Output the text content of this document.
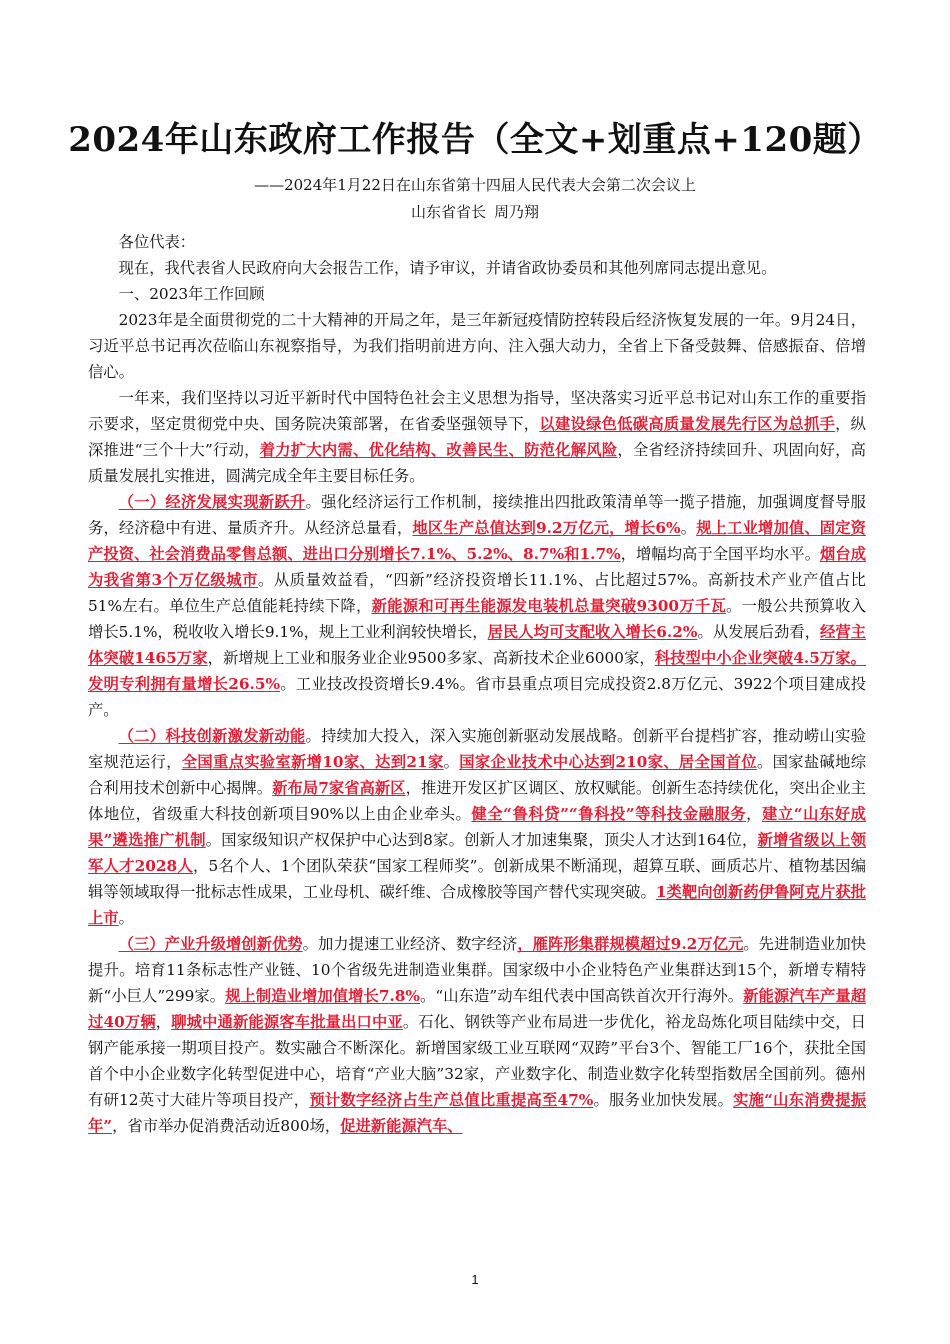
2024年山东政府工作报告（全文+划重点+120题）
——2024年1月22日在山东省第十四届人民代表大会第二次会议上
山东省省长 周乃翔

各位代表：

现在，我代表省人民政府向大会报告工作，请予审议，并请省政协委员和其他列席同志提出意见。

一、2023年工作回顾

2023年是全面贯彻党的二十大精神的开局之年，是三年新冠疫情防控转段后经济恢复发展的一年。9月24日，习近平总书记再次莅临山东视察指导，为我们指明前进方向、注入强大动力，全省上下备受鼓舞、倍感振奋、倍增信心。

一年来，我们坚持以习近平新时代中国特色社会主义思想为指导，坚决落实习近平总书记对山东工作的重要指示要求，坚定贯彻党中央、国务院决策部署，在省委坚强领导下，以建设绿色低碳高质量发展先行区为总抓手，纵深推进“三个十大”行动，着力扩大内需、优化结构、改善民生、防范化解风险，全省经济持续回升、巩固向好，高质量发展扎实推进，圆满完成全年主要目标任务。

（一）经济发展实现新跃升。强化经济运行工作机制，接续推出四批政策清单等一揽子措施，加强调度督导服务，经济稳中有进、量质齐升。从经济总量看，地区生产总值达到9.2万亿元，增长6%。规上工业增加值、固定资产投资、社会消费品零售总额、进出口分别增长7.1%、5.2%、8.7%和1.7%，增幅均高于全国平均水平。烟台成为我省第3个万亿级城市。从质量效益看，“四新”经济投资增长11.1%、占比超过57%。高新技术产业产值占比51%左右。单位生产总值能耗持续下降，新能源和可再生能源发电装机总量突破9300万千瓦。一般公共预算收入增长5.1%，税收收入增长9.1%，规上工业利润较快增长，居民人均可支配收入增长6.2%。从发展后劲看，经营主体突破1465万家，新增规上工业和服务业企业9500多家、高新技术企业6000家，科技型中小企业突破4.5万家。发明专利拥有量增长26.5%。工业技改投资增长9.4%。省市县重点项目完成投资2.8万亿元、3922个项目建成投产。

（二）科技创新激发新动能。持续加大投入，深入实施创新驱动发展战略。创新平台提档扩容，推动崂山实验室规范运行，全国重点实验室新增10家、达到21家。国家企业技术中心达到210家、居全国首位。国家盐碱地综合利用技术创新中心揭牌。新布局7家省高新区，推进开发区扩区调区、放权赋能。创新生态持续优化，突出企业主体地位，省级重大科技创新项目90%以上由企业牵头。健全“鲁科贷”“鲁科投”等科技金融服务，建立“山东好成果”遴选推广机制。国家级知识产权保护中心达到8家。创新人才加速集聚，顶尖人才达到164位，新增省级以上领军人才2028人，5名个人、1个团队荣获“国家工程师奖”。创新成果不断涌现，超算互联、画质芯片、植物基因编辑等领域取得一批标志性成果，工业母机、碳纤维、合成橡胶等国产替代实现突破。1类靶向创新药伊鲁阿克片获批上市。

（三）产业升级增创新优势。加力提速工业经济、数字经济，雁阵形集群规模超过9.2万亿元。先进制造业加快提升。培育11条标志性产业链、10个省级先进制造业集群。国家级中小企业特色产业集群达到15个，新增专精特新“小巨人”299家。规上制造业增加值增长7.8%。“山东造”动车组代表中国高铁首次开行海外。新能源汽车产量超过40万辆，聊城中通新能源客车批量出口中亚。石化、钢铁等产业布局进一步优化，裕龙岛炼化项目陆续中交，日钢产能承接一期项目投产。数实融合不断深化。新增国家级工业互联网“双跨”平台3个、智能工厂16个，获批全国首个中小企业数字化转型促进中心，培育“产业大脑”32家，产业数字化、制造业数字化转型指数居全国前列。德州有研12英寸大硅片等项目投产，预计数字经济占生产总值比重提高至47%。服务业加快发展。实施“山东消费提振年”，省市举办促消费活动近800场，促进新能源汽车、

1
